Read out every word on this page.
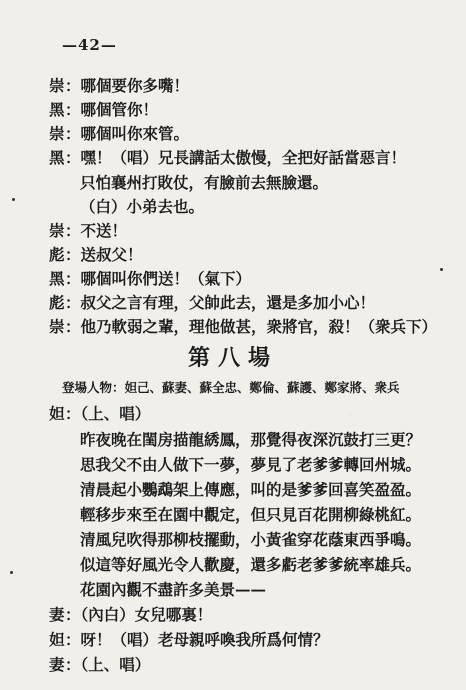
—42—
崇：哪個要你多嘴！
黑：哪個管你！
崇：哪個叫你來管。
黑：嘿！（唱）兄長講話太傲慢，全把好話當惡言！
只怕襄州打敗仗，有臉前去無臉還。
（白）小弟去也。
崇：不送！
彪：送叔父！
黑：哪個叫你們送！（氣下）
彪：叔父之言有理，父帥此去，還是多加小心！
崇：他乃軟弱之輩，理他做甚，衆將官，殺！（衆兵下）
第八場
登場人物：妲己、蘇妻、蘇全忠、鄭倫、蘇護、鄭家將、衆兵
妲：（上、唱）
昨夜晚在閨房描龍綉鳳，那覺得夜深沉鼓打三更？
思我父不由人做下一夢，夢見了老爹爹轉回州城。
清晨起小鸚鵡架上傳應，叫的是爹爹回喜笑盈盈。
輕移步來至在園中觀定，但只見百花開柳綠桃紅。
清風兒吹得那柳枝擺動，小黃雀穿花蔭東西爭鳴。
似這等好風光令人歡慶，還多虧老爹爹統率雄兵。
花園內觀不盡許多美景——
妻：（內白）女兒哪裏！
妲：呀！（唱）老母親呼喚我所爲何情？
妻：（上、唱）
